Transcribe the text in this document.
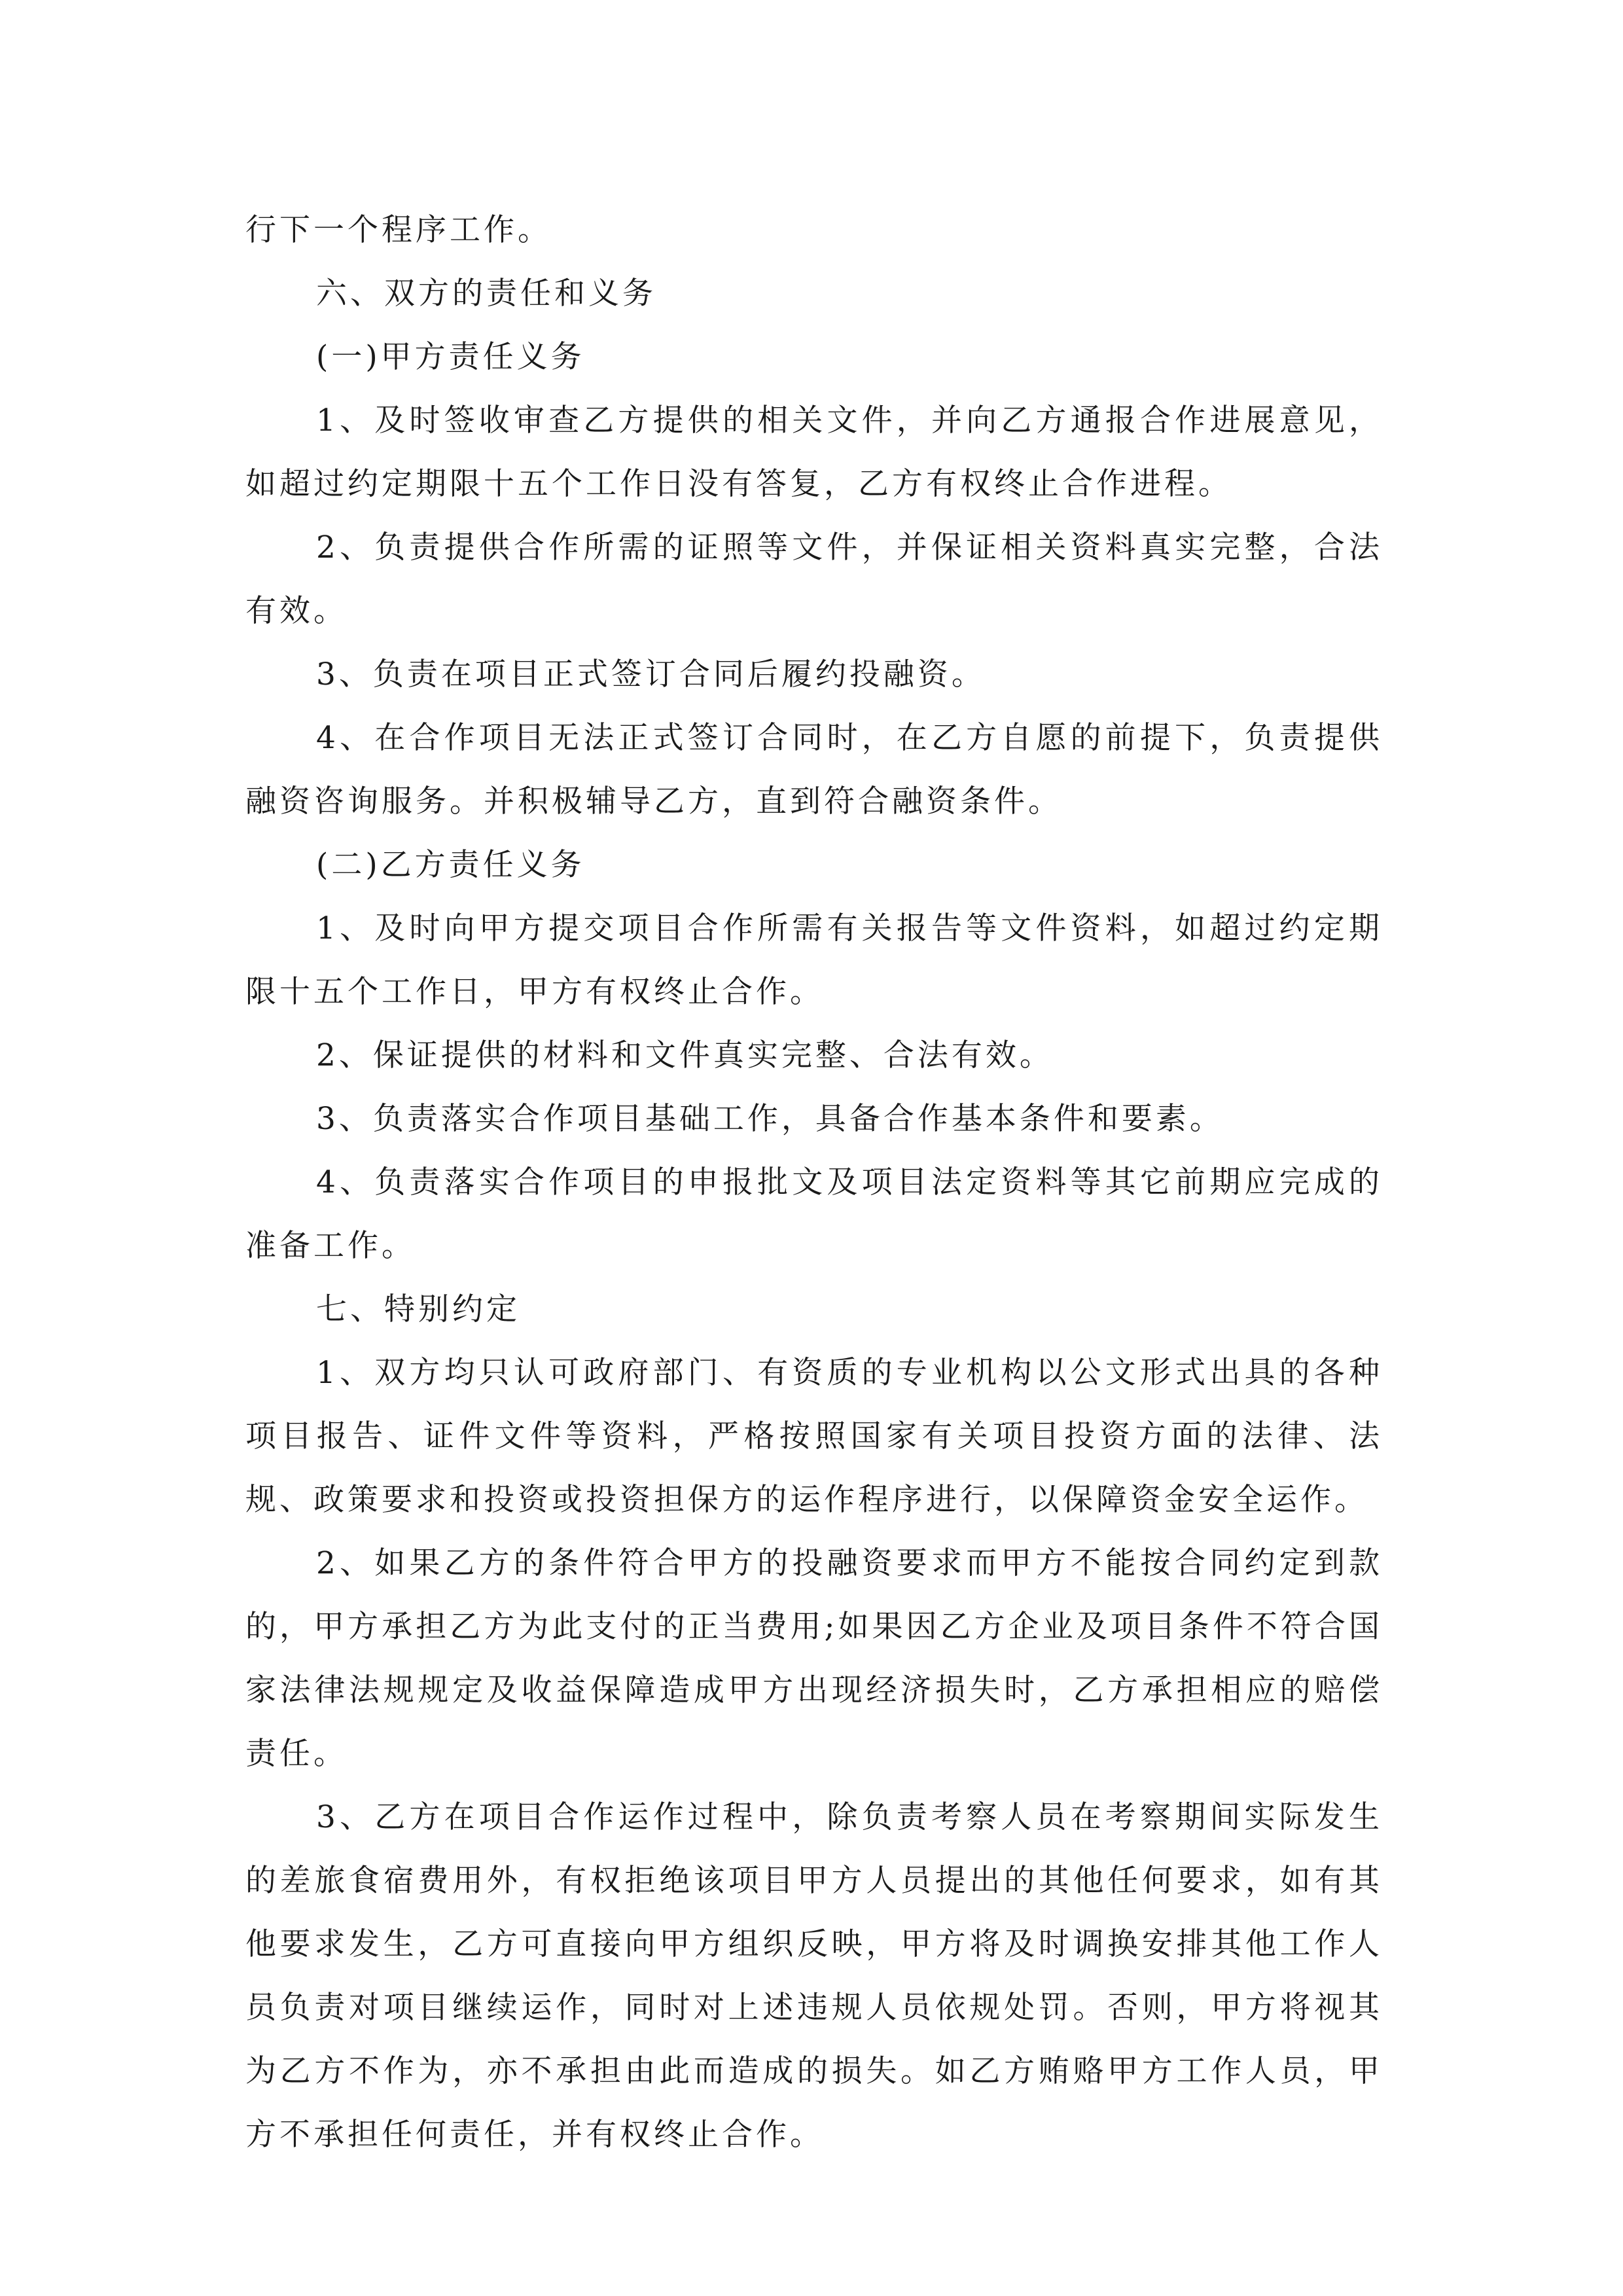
行下一个程序工作。

六、双方的责任和义务

(一)甲方责任义务

1、及时签收审查乙方提供的相关文件，并向乙方通报合作进展意见，如超过约定期限十五个工作日没有答复，乙方有权终止合作进程。

2、负责提供合作所需的证照等文件，并保证相关资料真实完整，合法有效。

3、负责在项目正式签订合同后履约投融资。

4、在合作项目无法正式签订合同时，在乙方自愿的前提下，负责提供融资咨询服务。并积极辅导乙方，直到符合融资条件。

(二)乙方责任义务

1、及时向甲方提交项目合作所需有关报告等文件资料，如超过约定期限十五个工作日，甲方有权终止合作。

2、保证提供的材料和文件真实完整、合法有效。

3、负责落实合作项目基础工作，具备合作基本条件和要素。

4、负责落实合作项目的申报批文及项目法定资料等其它前期应完成的准备工作。

七、特别约定

1、双方均只认可政府部门、有资质的专业机构以公文形式出具的各种项目报告、证件文件等资料，严格按照国家有关项目投资方面的法律、法规、政策要求和投资或投资担保方的运作程序进行，以保障资金安全运作。

2、如果乙方的条件符合甲方的投融资要求而甲方不能按合同约定到款的，甲方承担乙方为此支付的正当费用;如果因乙方企业及项目条件不符合国家法律法规规定及收益保障造成甲方出现经济损失时，乙方承担相应的赔偿责任。

3、乙方在项目合作运作过程中，除负责考察人员在考察期间实际发生的差旅食宿费用外，有权拒绝该项目甲方人员提出的其他任何要求，如有其他要求发生，乙方可直接向甲方组织反映，甲方将及时调换安排其他工作人员负责对项目继续运作，同时对上述违规人员依规处罚。否则，甲方将视其为乙方不作为，亦不承担由此而造成的损失。如乙方贿赂甲方工作人员，甲方不承担任何责任，并有权终止合作。
